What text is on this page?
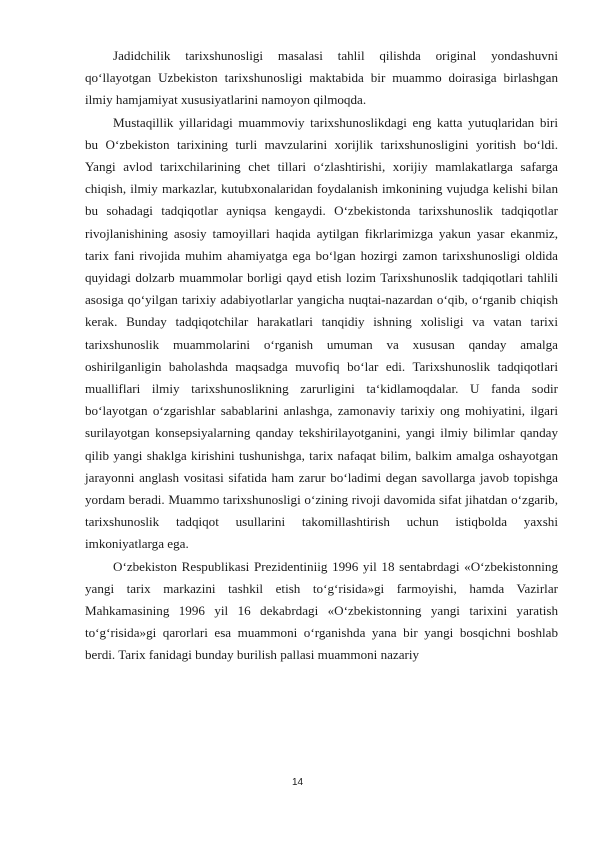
Jadidchilik tarixshunosligi masalasi tahlil qilishda original yondashuvni qo‘llayotgan Uzbekiston tarixshunosligi maktabida bir muammo doirasiga birlashgan ilmiy hamjamiyat xususiyatlarini namoyon qilmoqda.

Mustaqillik yillaridagi muammoviy tarixshunoslikdagi eng katta yutuqlaridan biri bu O‘zbekiston tarixining turli mavzularini xorijlik tarixshunosligini yoritish bo‘ldi. Yangi avlod tarixchilarining chet tillari o‘zlashtirishi, xorijiy mamlakatlarga safarga chiqish, ilmiy markazlar, kutubxonalaridan foydalanish imkonining vujudga kelishi bilan bu sohadagi tadqiqotlar ayniqsa kengaydi. O‘zbekistonda tarixshunoslik tadqiqotlar rivojlanishining asosiy tamoyillari haqida aytilgan fikrlarimizga yakun yasar ekanmiz, tarix fani rivojida muhim ahamiyatga ega bo‘lgan hozirgi zamon tarixshunosligi oldida quyidagi dolzarb muammolar borligi qayd etish lozim Tarixshunoslik tadqiqotlari tahlili asosiga qo‘yilgan tarixiy adabiyotlarlar yangicha nuqtai-nazardan o‘qib, o‘rganib chiqish kerak. Bunday tadqiqotchilar harakatlari tanqidiy ishning xolisligi va vatan tarixi tarixshunoslik muammolarini o‘rganish umuman va xususan qanday amalga oshirilganligin baholashda maqsadga muvofiq bo‘lar edi. Tarixshunoslik tadqiqotlari mualliflari ilmiy tarixshunoslikning zarurligini ta‘kidlamoqdalar. U fanda sodir bo‘layotgan o‘zgarishlar sabablarini anlashga, zamonaviy tarixiy ong mohiyatini, ilgari surilayotgan konsepsiyalarning qanday tekshirilayotganini, yangi ilmiy bilimlar qanday qilib yangi shaklga kirishini tushunishga, tarix nafaqat bilim, balkim amalga oshayotgan jarayonni anglash vositasi sifatida ham zarur bo‘ladimi degan savollarga javob topishga yordam beradi. Muammo tarixshunosligi o‘zining rivoji davomida sifat jihatdan o‘zgarib, tarixshunoslik tadqiqot usullarini takomillashtirish uchun istiqbolda yaxshi imkoniyatlarga ega.

O‘zbekiston Respublikasi Prezidentiniig 1996 yil 18 sentabrdagi «O‘zbekistonning yangi tarix markazini tashkil etish to‘g‘risida»gi farmoyishi, hamda Vazirlar Mahkamasining 1996 yil 16 dekabrdagi «O‘zbekistonning yangi tarixini yaratish to‘g‘risida»gi qarorlari esa muammoni o‘rganishda yana bir yangi bosqichni boshlab berdi. Tarix fanidagi bunday burilish pallasi muammoni nazariy

14
